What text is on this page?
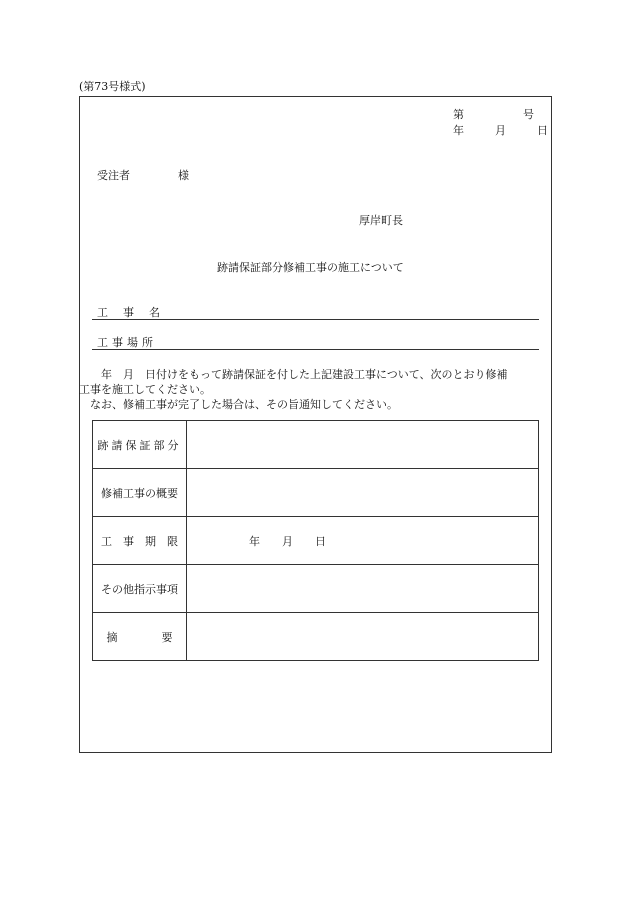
(第73号様式)
第　　　　号
年　　月　　日
受注者	様
厚岸町長
跡請保証部分修補工事の施工について
工　事　名
工事場所

　　年　月　日付けをもって跡請保証を付した上記建設工事について、次のとおり修補

工事を施工してください。

　なお、修補工事が完了した場合は、その旨通知してください。

跡請保証部分	
修補工事の概要	
工　事　期　限	年　　月　　日
その他指示事項	
摘　　　　要	
